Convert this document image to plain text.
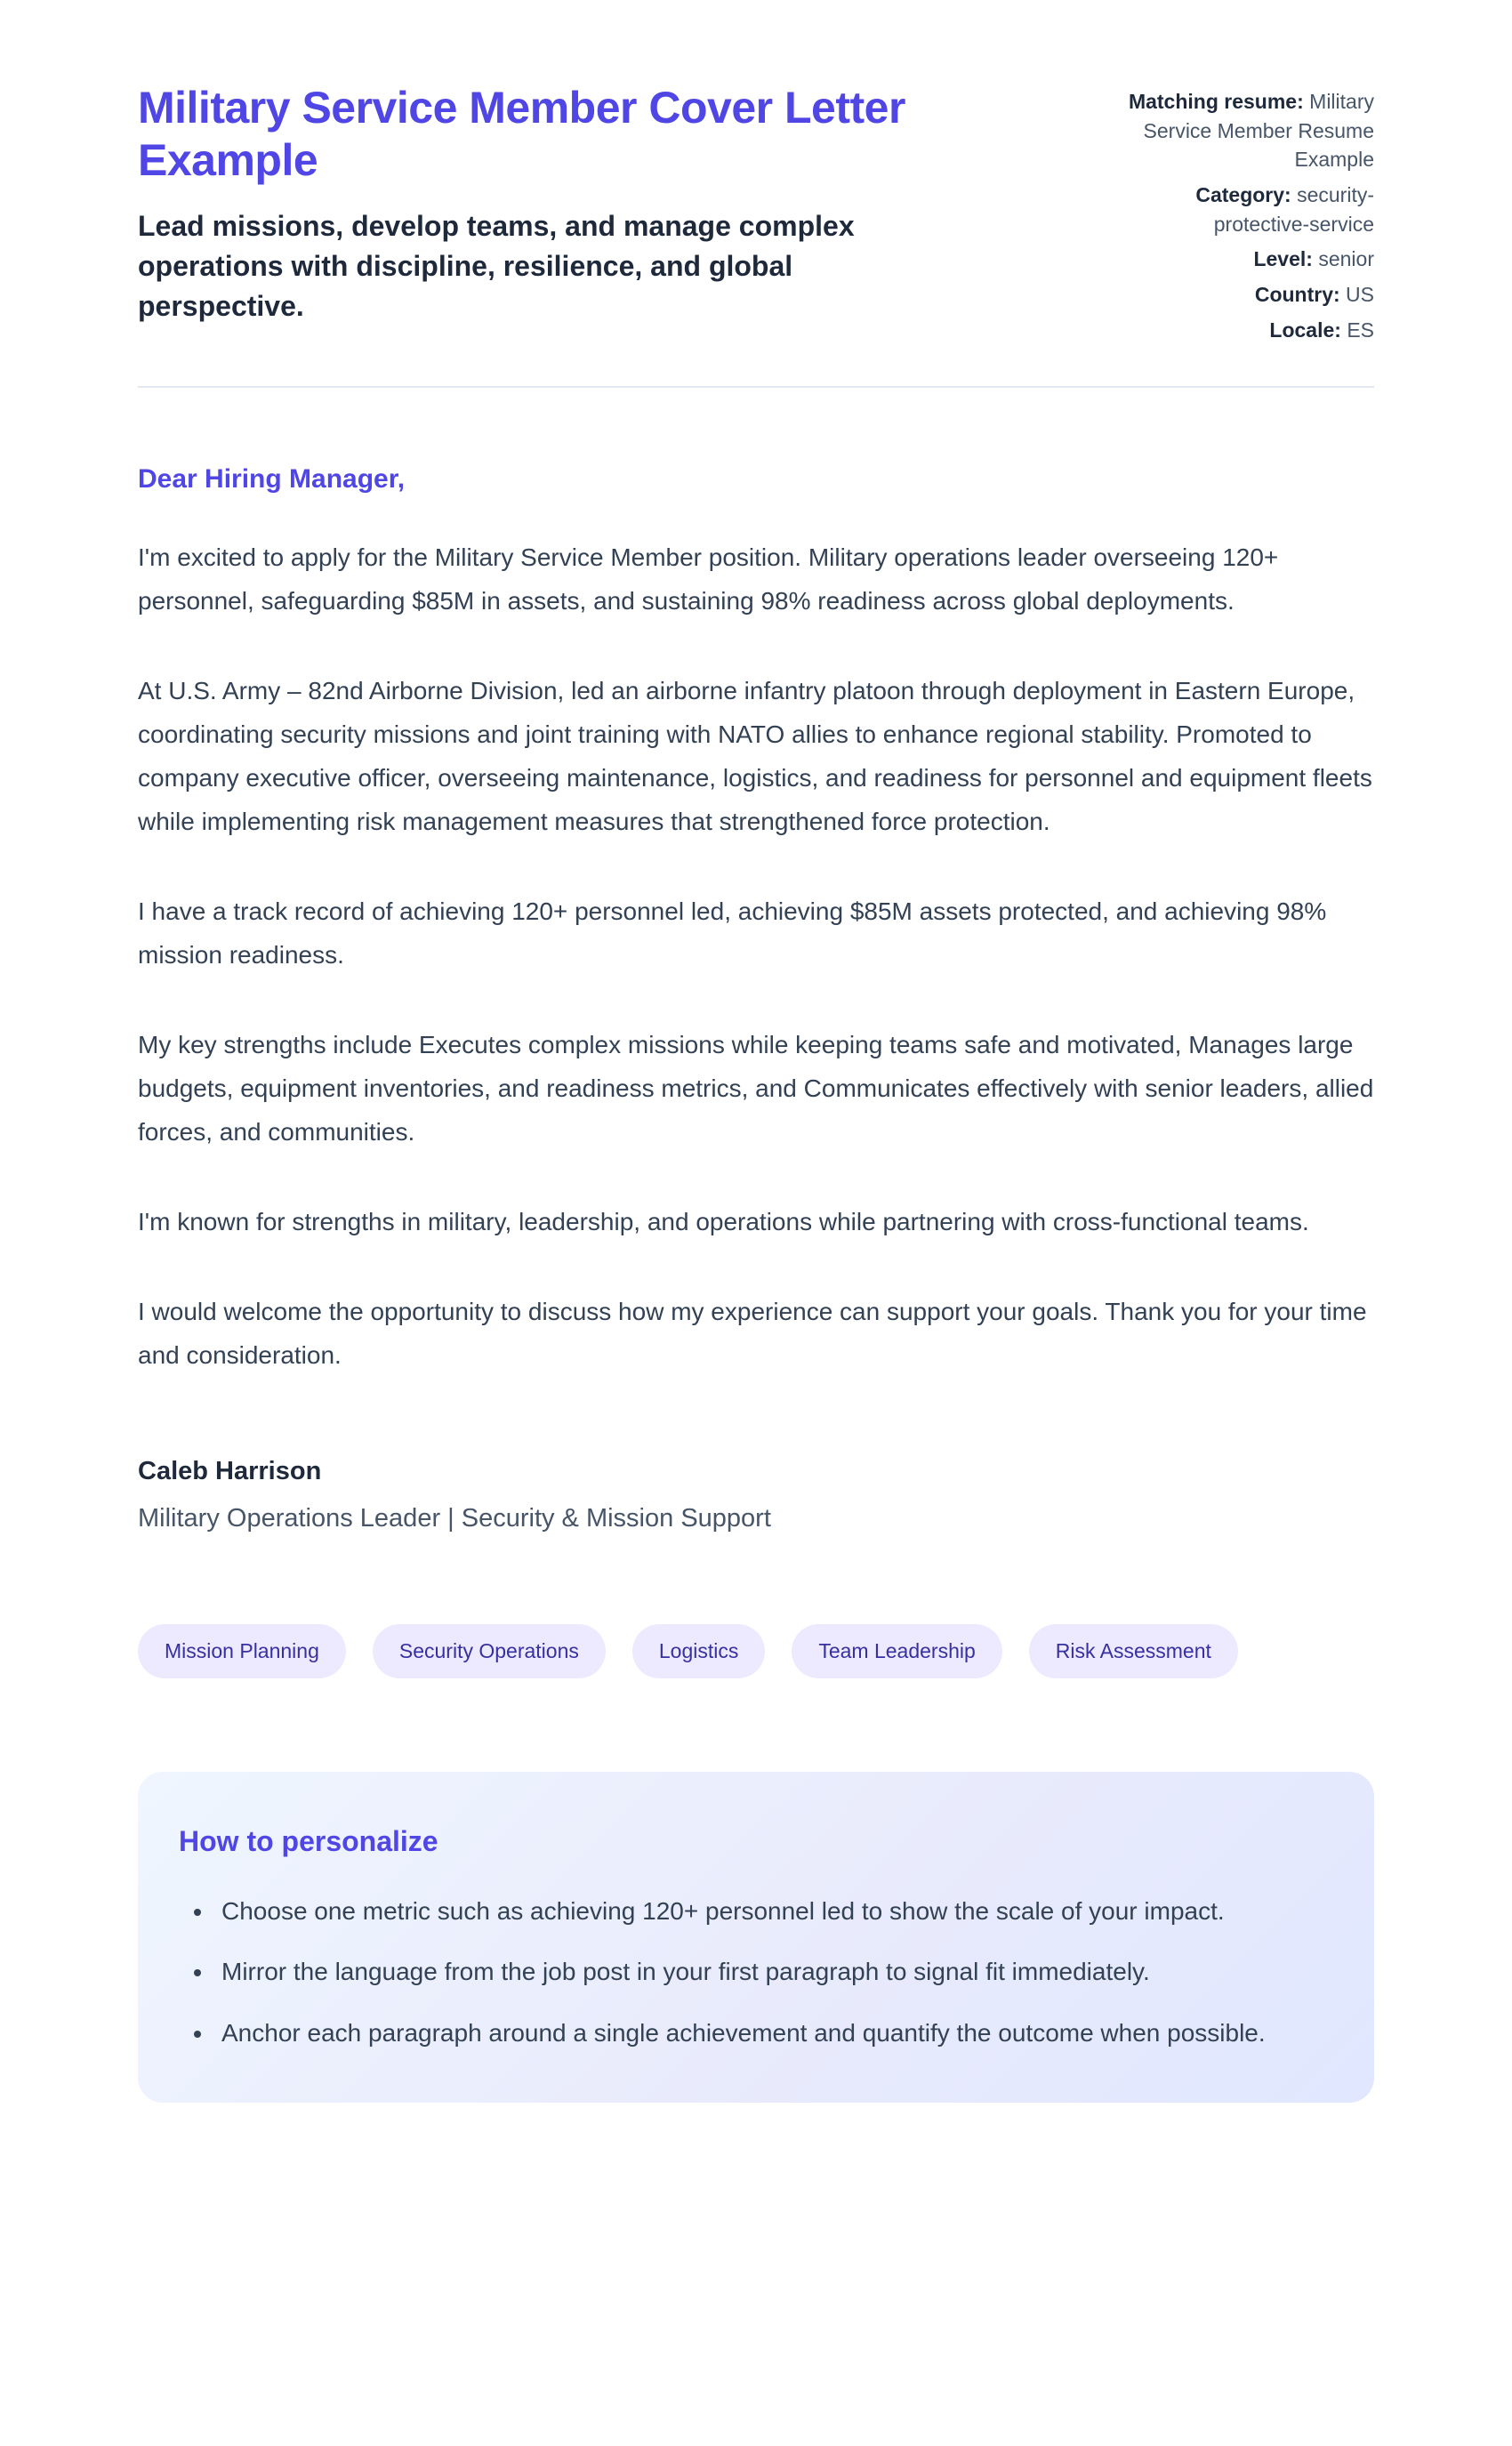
Military Service Member Cover Letter Example

Lead missions, develop teams, and manage complex operations with discipline, resilience, and global perspective.

Matching resume: Military Service Member Resume Example
Category: security-protective-service
Level: senior
Country: US
Locale: ES

Dear Hiring Manager,

I'm excited to apply for the Military Service Member position. Military operations leader overseeing 120+ personnel, safeguarding $85M in assets, and sustaining 98% readiness across global deployments.

At U.S. Army – 82nd Airborne Division, led an airborne infantry platoon through deployment in Eastern Europe, coordinating security missions and joint training with NATO allies to enhance regional stability. Promoted to company executive officer, overseeing maintenance, logistics, and readiness for personnel and equipment fleets while implementing risk management measures that strengthened force protection.

I have a track record of achieving 120+ personnel led, achieving $85M assets protected, and achieving 98% mission readiness.

My key strengths include Executes complex missions while keeping teams safe and motivated, Manages large budgets, equipment inventories, and readiness metrics, and Communicates effectively with senior leaders, allied forces, and communities.

I'm known for strengths in military, leadership, and operations while partnering with cross-functional teams.

I would welcome the opportunity to discuss how my experience can support your goals. Thank you for your time and consideration.

Caleb Harrison

Military Operations Leader | Security & Mission Support

Mission Planning	Security Operations	Logistics	Team Leadership	Risk Assessment
How to personalize
• Choose one metric such as achieving 120+ personnel led to show the scale of your impact.
• Mirror the language from the job post in your first paragraph to signal fit immediately.
• Anchor each paragraph around a single achievement and quantify the outcome when possible.
